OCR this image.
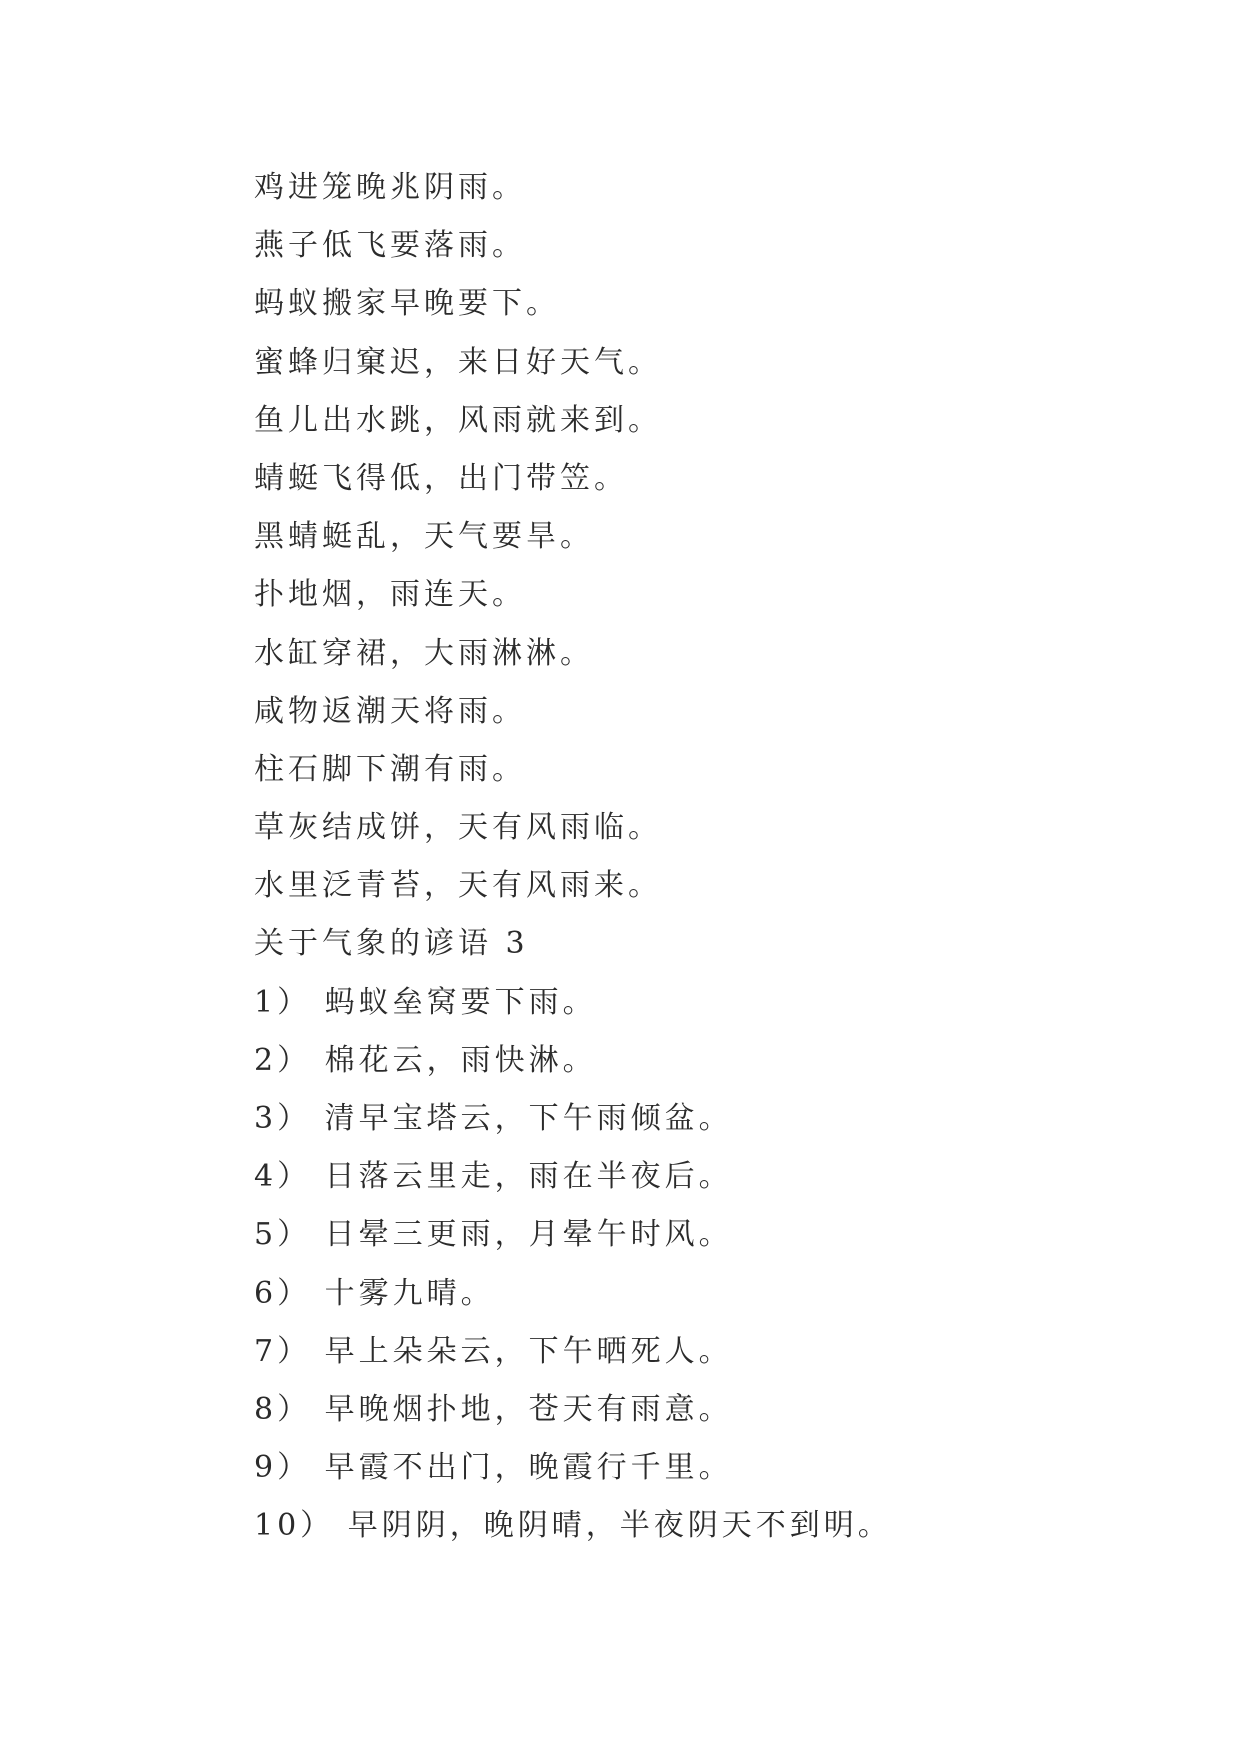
鸡进笼晚兆阴雨。
燕子低飞要落雨。
蚂蚁搬家早晚要下。
蜜蜂归窠迟，来日好天气。
鱼儿出水跳，风雨就来到。
蜻蜓飞得低，出门带笠。
黑蜻蜓乱，天气要旱。
扑地烟，雨连天。
水缸穿裙，大雨淋淋。
咸物返潮天将雨。
柱石脚下潮有雨。
草灰结成饼，天有风雨临。
水里泛青苔，天有风雨来。
关于气象的谚语 3
1） 蚂蚁垒窝要下雨。
2） 棉花云，雨快淋。
3） 清早宝塔云，下午雨倾盆。
4） 日落云里走，雨在半夜后。
5） 日晕三更雨，月晕午时风。
6） 十雾九晴。
7） 早上朵朵云，下午晒死人。
8） 早晚烟扑地，苍天有雨意。
9） 早霞不出门，晚霞行千里。
10） 早阴阴，晚阴晴，半夜阴天不到明。
